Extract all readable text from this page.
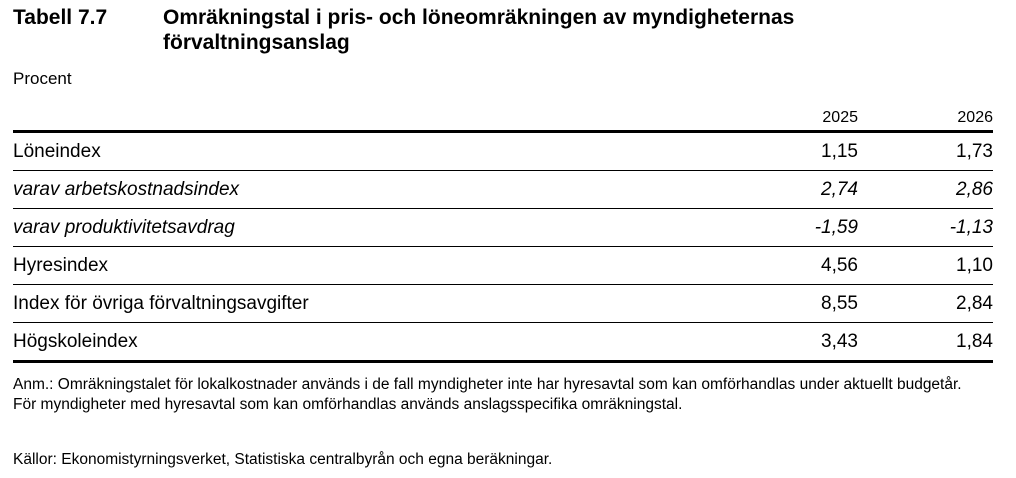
Tabell 7.7	Omräkningstal i pris- och löneomräkningen av myndigheternas förvaltningsanslag
Procent
	2025	2026
Löneindex	1,15	1,73
varav arbetskostnadsindex	2,74	2,86
varav produktivitetsavdrag	-1,59	-1,13
Hyresindex	4,56	1,10
Index för övriga förvaltningsavgifter	8,55	2,84
Högskoleindex	3,43	1,84
Anm.: Omräkningstalet för lokalkostnader används i de fall myndigheter inte har hyresavtal som kan omförhandlas under aktuellt budgetår. För myndigheter med hyresavtal som kan omförhandlas används anslagsspecifika omräkningstal.
Källor: Ekonomistyrningsverket, Statistiska centralbyrån och egna beräkningar.
